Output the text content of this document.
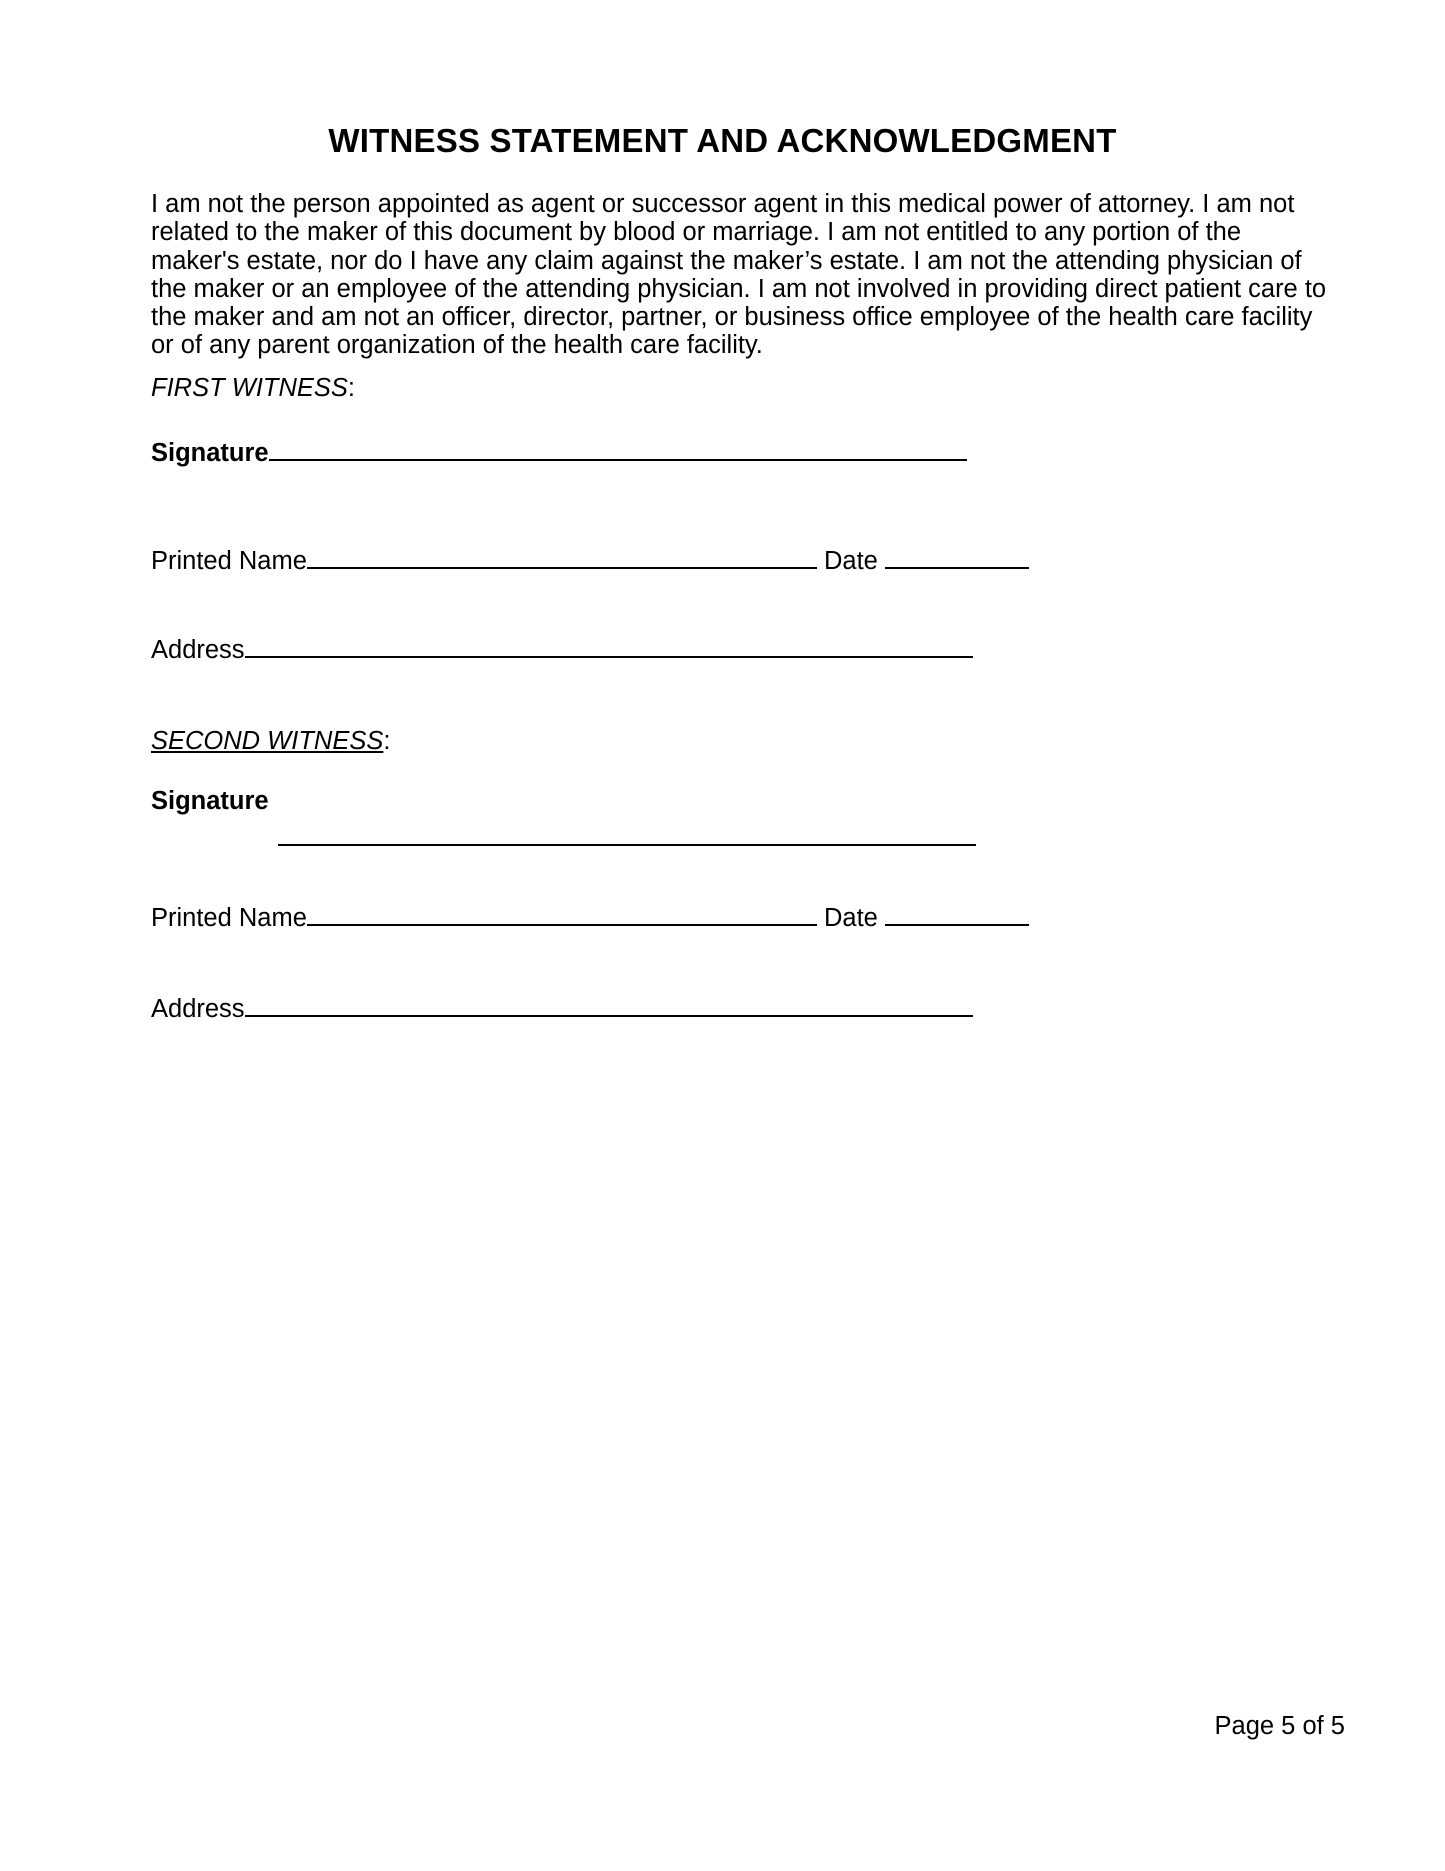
WITNESS STATEMENT AND ACKNOWLEDGMENT

I am not the person appointed as agent or successor agent in this medical power of attorney. I am not related to the maker of this document by blood or marriage. I am not entitled to any portion of the maker's estate, nor do I have any claim against the maker’s estate. I am not the attending physician of the maker or an employee of the attending physician. I am not involved in providing direct patient care to the maker and am not an officer, director, partner, or business office employee of the health care facility or of any parent organization of the health care facility.

FIRST WITNESS:
Signature
Printed Name	Date
Address
SECOND WITNESS:
Signature
Printed Name	Date
Address
Page 5 of 5
